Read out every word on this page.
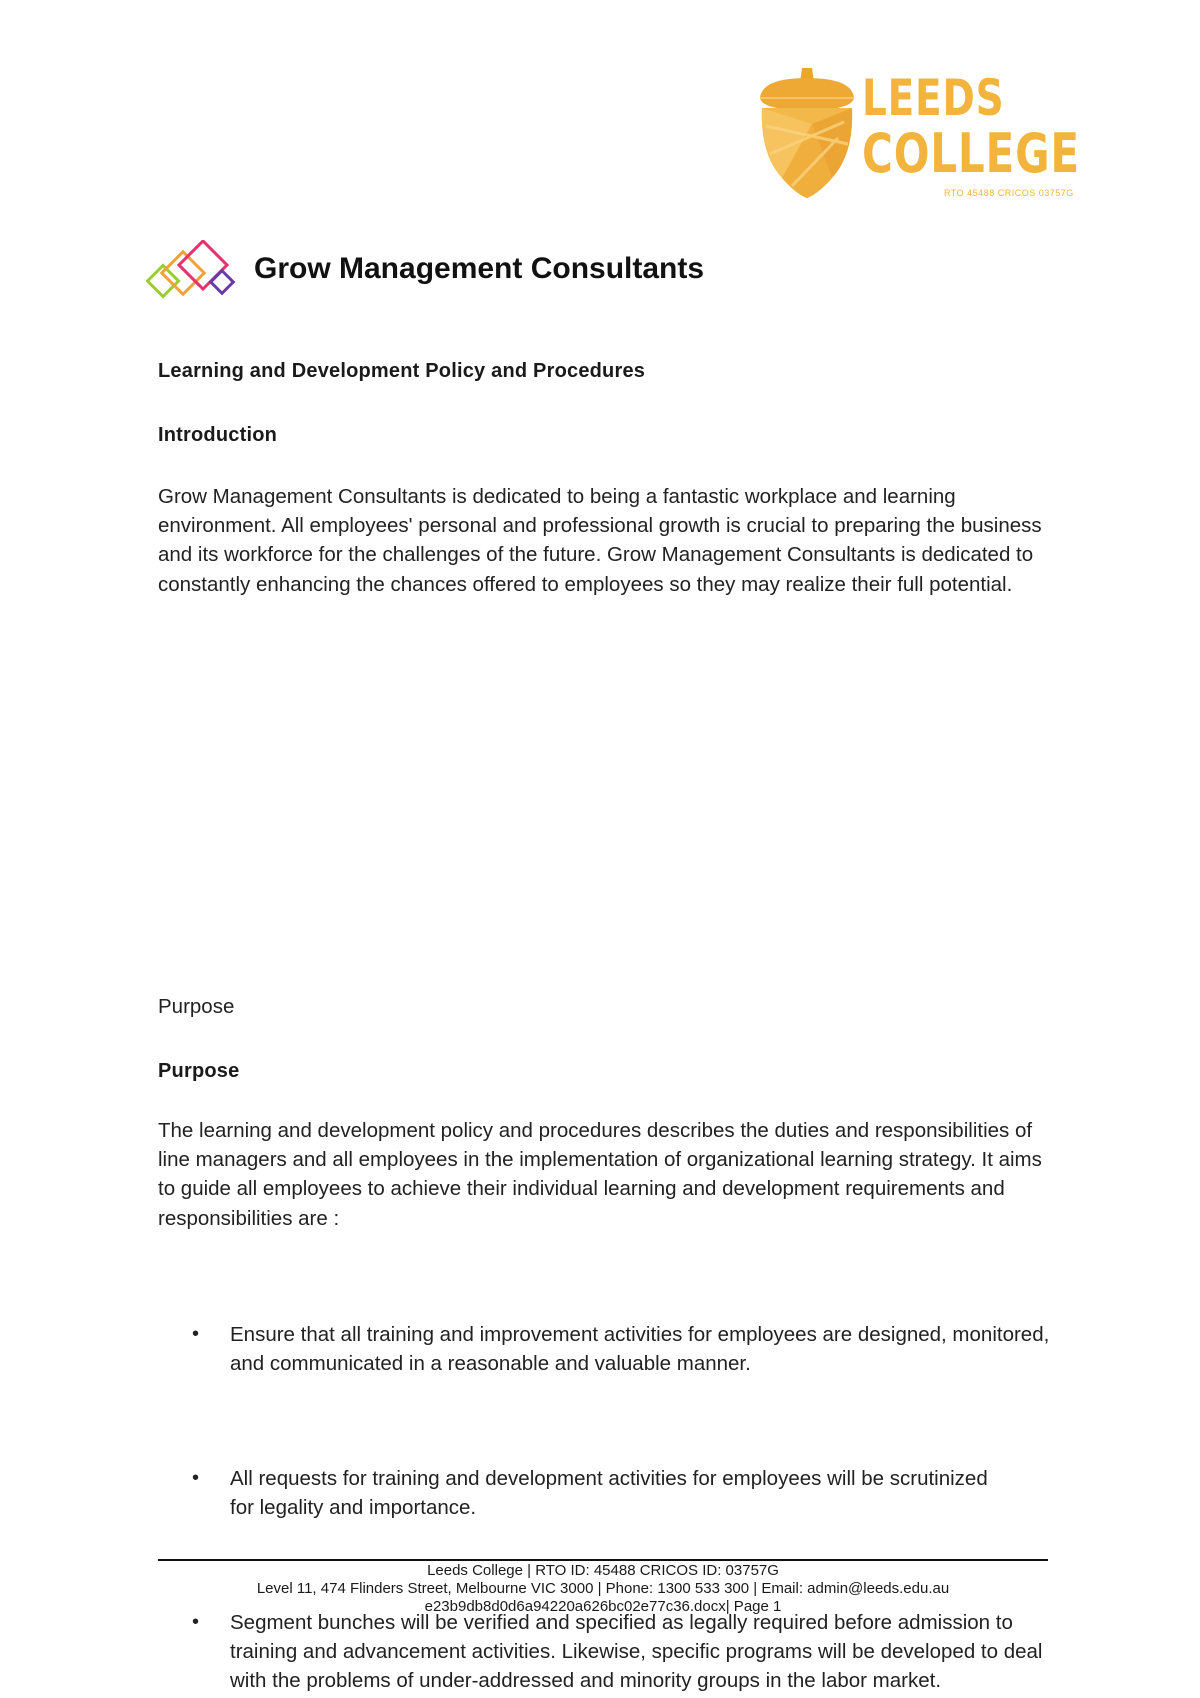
LEEDS
COLLEGE
RTO 45488 CRICOS 03757G
Grow Management Consultants
Learning and Development Policy and Procedures
Introduction

Grow Management Consultants is dedicated to being a fantastic workplace and learning environment. All employees' personal and professional growth is crucial to preparing the business and its workforce for the challenges of the future. Grow Management Consultants is dedicated to constantly enhancing the chances offered to employees so they may realize their full potential.

Purpose

Purpose

The learning and development policy and procedures describes the duties and responsibilities of line managers and all employees in the implementation of organizational learning strategy. It aims to guide all employees to achieve their individual learning and development requirements and responsibilities are :

• Ensure that all training and improvement activities for employees are designed, monitored, and communicated in a reasonable and valuable manner.
• All requests for training and development activities for employees will be scrutinized for legality and importance.
• Segment bunches will be verified and specified as legally required before admission to training and advancement activities. Likewise, specific programs will be developed to deal with the problems of under-addressed and minority groups in the labor market.
Leeds College | RTO ID: 45488 CRICOS ID: 03757G
Level 11, 474 Flinders Street, Melbourne VIC 3000 | Phone: 1300 533 300 | Email: admin@leeds.edu.au
e23b9db8d0d6a94220a626bc02e77c36.docx| Page 1
